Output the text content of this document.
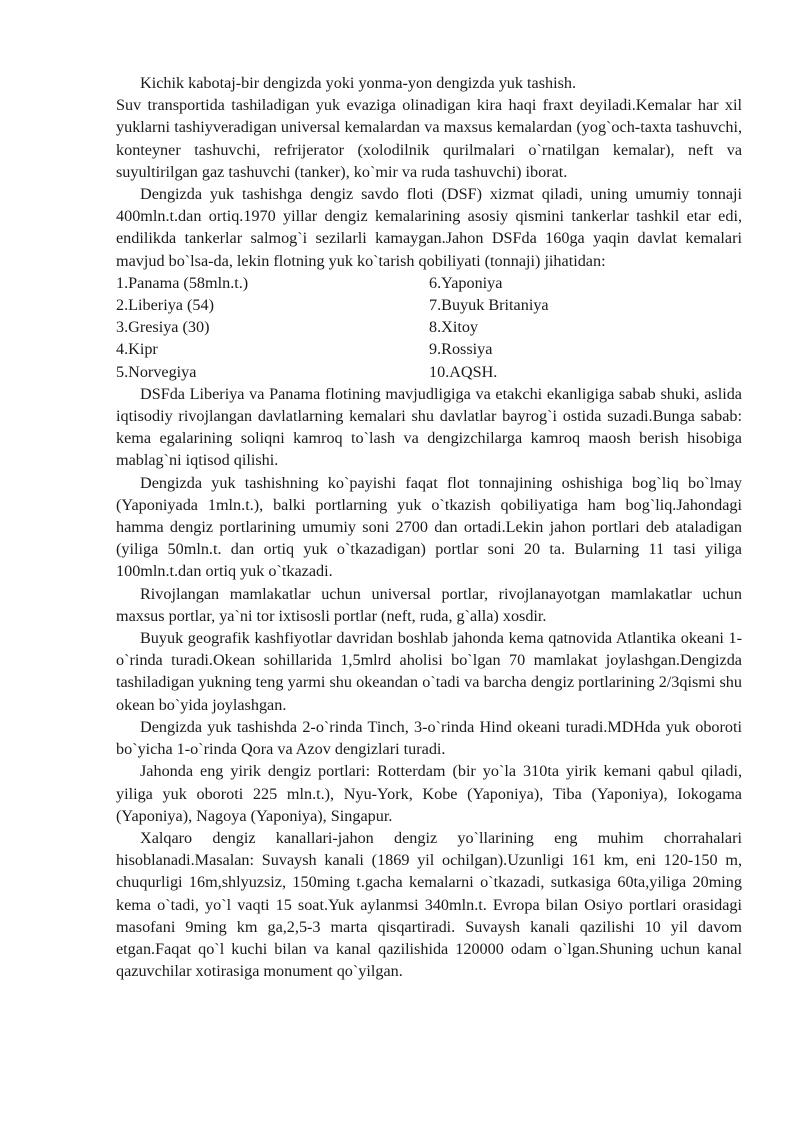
Kichik kabotaj-bir dengizda yoki yonma-yon dengizda yuk tashish.

Suv transportida tashiladigan yuk evaziga olinadigan kira haqi fraxt deyiladi.Kemalar har xil yuklarni tashiyveradigan universal kemalardan va maxsus kemalardan (yog`och-taxta tashuvchi, konteyner tashuvchi, refrijerator (xolodilnik qurilmalari o`rnatilgan kemalar), neft va suyultirilgan gaz tashuvchi (tanker), ko`mir va ruda tashuvchi) iborat.

Dengizda yuk tashishga dengiz savdo floti (DSF) xizmat qiladi, uning umumiy tonnaji 400mln.t.dan ortiq.1970 yillar dengiz kemalarining asosiy qismini tankerlar tashkil etar edi, endilikda tankerlar salmog`i sezilarli kamaygan.Jahon DSFda 160ga yaqin davlat kemalari mavjud bo`lsa-da, lekin flotning yuk ko`tarish qobiliyati (tonnaji) jihatidan:

1.Panama (58mln.t.)	6.Yaponiya
2.Liberiya (54)	7.Buyuk Britaniya
3.Gresiya (30)	8.Xitoy
4.Kipr	9.Rossiya
5.Norvegiya	10.AQSH.

DSFda Liberiya va Panama flotining mavjudligiga va etakchi ekanligiga sabab shuki, aslida iqtisodiy rivojlangan davlatlarning kemalari shu davlatlar bayrog`i ostida suzadi.Bunga sabab: kema egalarining soliqni kamroq to`lash va dengizchilarga kamroq maosh berish hisobiga mablag`ni iqtisod qilishi.

Dengizda yuk tashishning ko`payishi faqat flot tonnajining oshishiga bog`liq bo`lmay (Yaponiyada 1mln.t.), balki portlarning yuk o`tkazish qobiliyatiga ham bog`liq.Jahondagi hamma dengiz portlarining umumiy soni 2700 dan ortadi.Lekin jahon portlari deb ataladigan (yiliga 50mln.t. dan ortiq yuk o`tkazadigan) portlar soni 20 ta. Bularning 11 tasi yiliga 100mln.t.dan ortiq yuk o`tkazadi.

Rivojlangan mamlakatlar uchun universal portlar, rivojlanayotgan mamlakatlar uchun maxsus portlar, ya`ni tor ixtisosli portlar (neft, ruda, g`alla) xosdir.

Buyuk geografik kashfiyotlar davridan boshlab jahonda kema qatnovida Atlantika okeani 1-o`rinda turadi.Okean sohillarida 1,5mlrd aholisi bo`lgan 70 mamlakat joylashgan.Dengizda tashiladigan yukning teng yarmi shu okeandan o`tadi va barcha dengiz portlarining 2/3qismi shu okean bo`yida joylashgan.

Dengizda yuk tashishda 2-o`rinda Tinch, 3-o`rinda Hind okeani turadi.MDHda yuk oboroti bo`yicha 1-o`rinda Qora va Azov dengizlari turadi.

Jahonda eng yirik dengiz portlari: Rotterdam (bir yo`la 310ta yirik kemani qabul qiladi, yiliga yuk oboroti 225 mln.t.), Nyu-York, Kobe (Yaponiya), Tiba (Yaponiya), Iokogama (Yaponiya), Nagoya (Yaponiya), Singapur.

Xalqaro dengiz kanallari-jahon dengiz yo`llarining eng muhim chorrahalari hisoblanadi.Masalan: Suvaysh kanali (1869 yil ochilgan).Uzunligi 161 km, eni 120-150 m, chuqurligi 16m,shlyuzsiz, 150ming t.gacha kemalarni o`tkazadi, sutkasiga 60ta,yiliga 20ming kema o`tadi, yo`l vaqti 15 soat.Yuk aylanmsi 340mln.t. Evropa bilan Osiyo portlari orasidagi masofani 9ming km ga,2,5-3 marta qisqartiradi. Suvaysh kanali qazilishi 10 yil davom etgan.Faqat qo`l kuchi bilan va kanal qazilishida 120000 odam o`lgan.Shuning uchun kanal qazuvchilar xotirasiga monument qo`yilgan.
